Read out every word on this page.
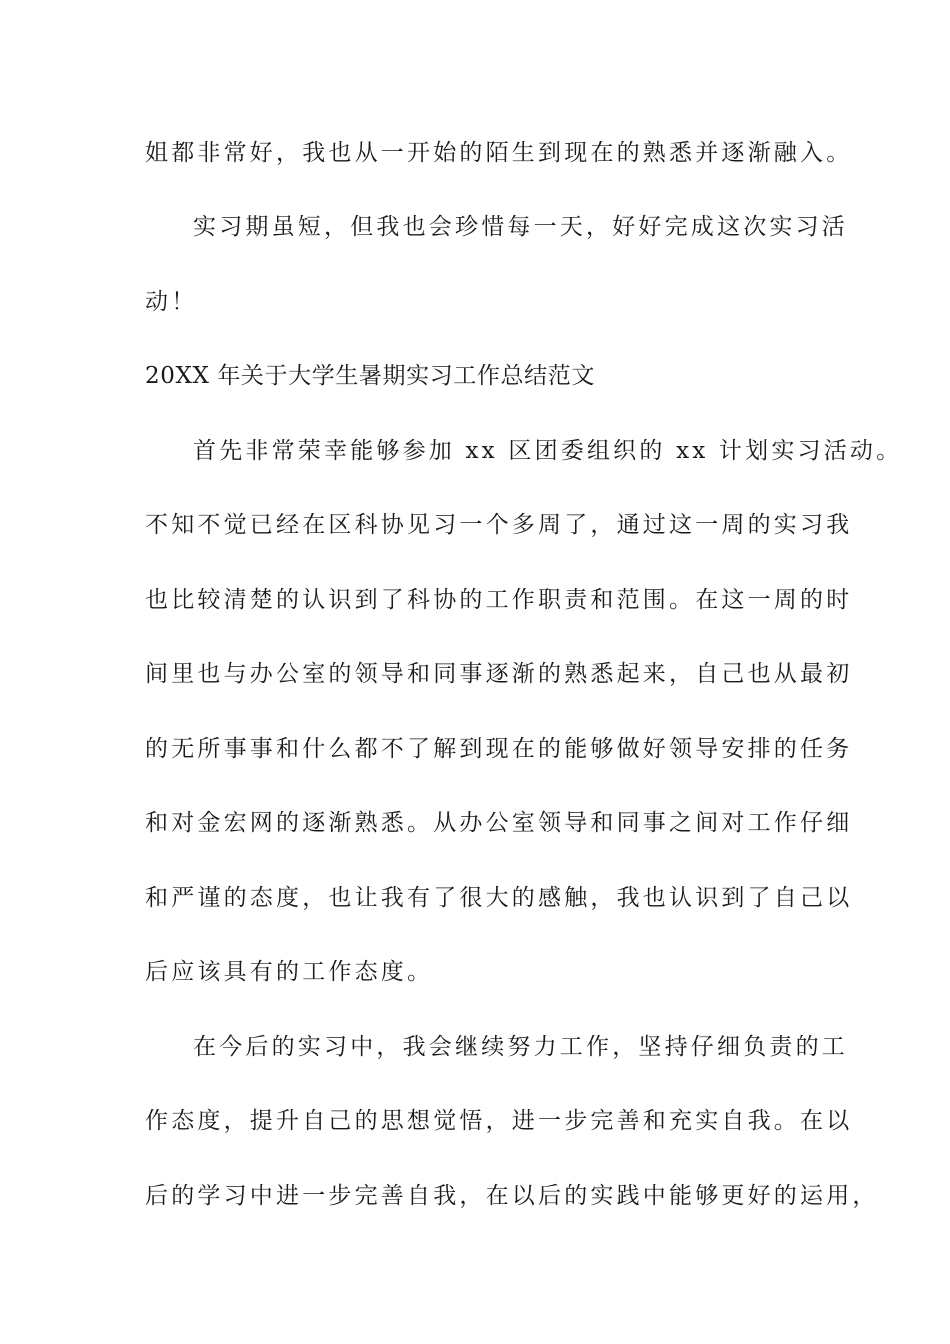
姐都非常好，我也从一开始的陌生到现在的熟悉并逐渐融入。
实习期虽短，但我也会珍惜每一天，好好完成这次实习活
动！
20XX 年关于大学生暑期实习工作总结范文
首先非常荣幸能够参加 xx 区团委组织的 xx 计划实习活动。
不知不觉已经在区科协见习一个多周了，通过这一周的实习我
也比较清楚的认识到了科协的工作职责和范围。在这一周的时
间里也与办公室的领导和同事逐渐的熟悉起来，自己也从最初
的无所事事和什么都不了解到现在的能够做好领导安排的任务
和对金宏网的逐渐熟悉。从办公室领导和同事之间对工作仔细
和严谨的态度，也让我有了很大的感触，我也认识到了自己以
后应该具有的工作态度。
在今后的实习中，我会继续努力工作，坚持仔细负责的工
作态度，提升自己的思想觉悟，进一步完善和充实自我。在以
后的学习中进一步完善自我，在以后的实践中能够更好的运用，
